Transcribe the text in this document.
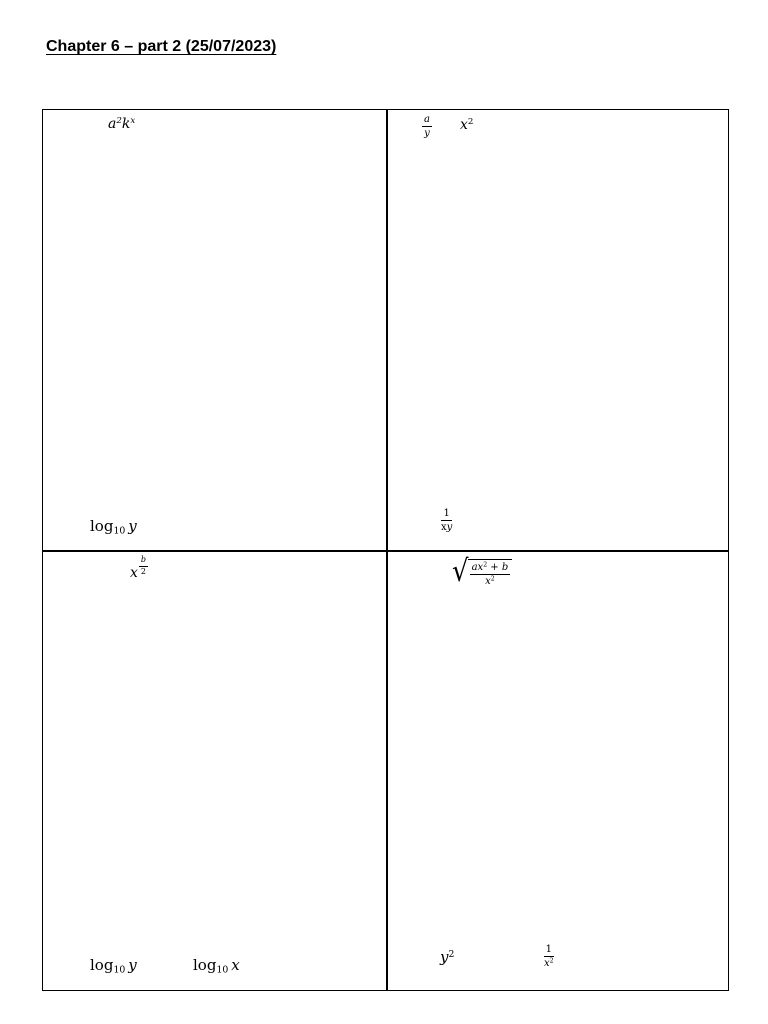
Chapter 6 – part 2 (25/07/2023)
$a^2k^x$
$\log_{10} y$
$\frac{a}{y} x^2$
$\frac{1}{xy}$
x $\frac{b}{2}$
$\log_{10} y$	$\log_{10} x$
√ $\frac{ax^2 + b}{x^2}$
$y^2$	$\frac{1}{x^2}$
